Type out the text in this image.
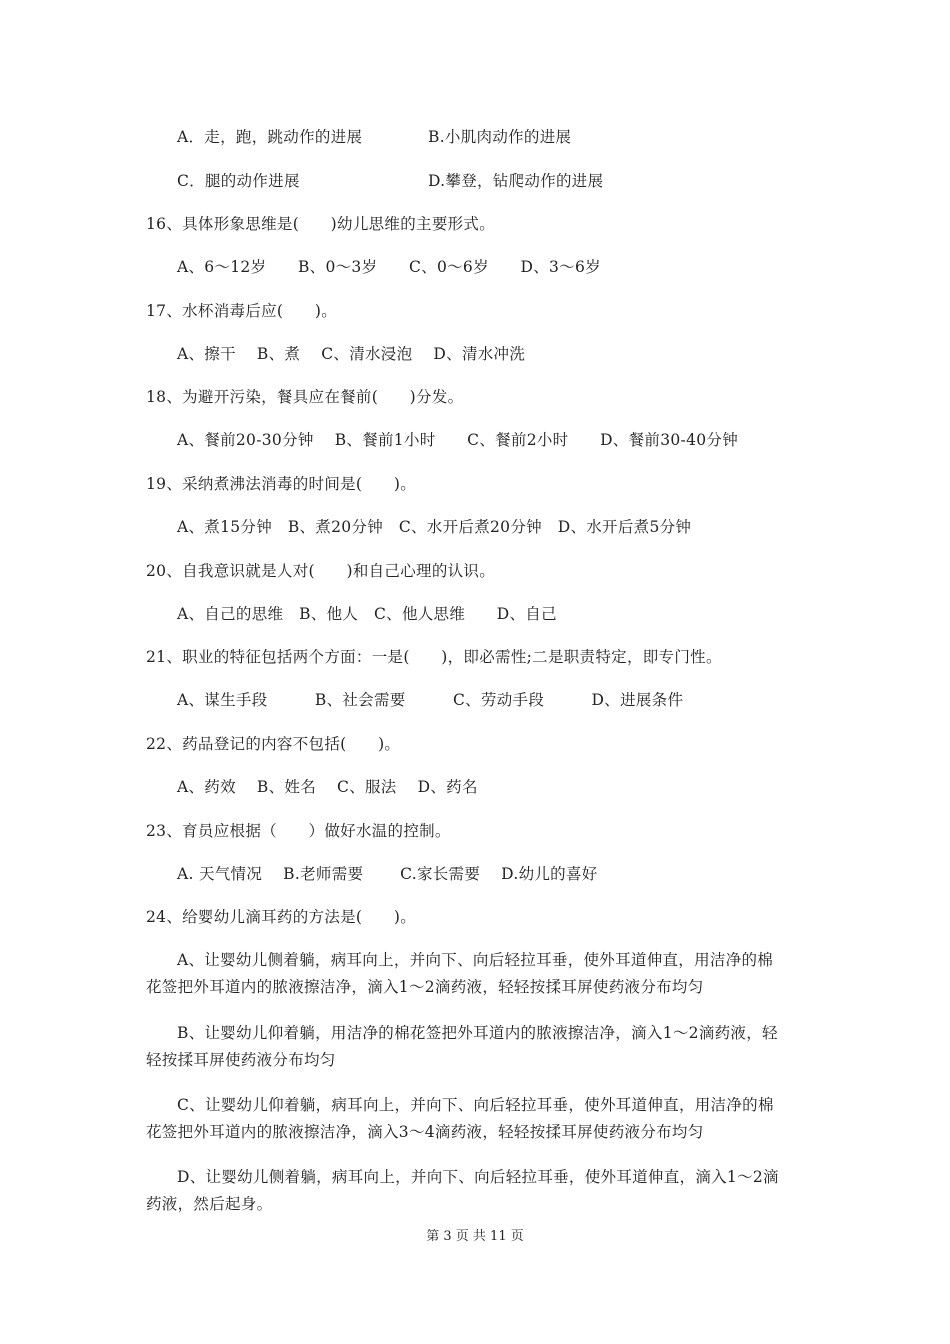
A．走，跑，跳动作的进展	B.小肌肉动作的进展
C．腿的动作进展	D.攀登，钻爬动作的进展
16、具体形象思维是(　　)幼儿思维的主要形式。
A、6～12岁　　B、0～3岁　　C、0～6岁　　D、3～6岁
17、水杯消毒后应(　　)。
A、擦干　 B、煮　 C、清水浸泡　 D、清水冲洗
18、为避开污染，餐具应在餐前(　　)分发。
A、餐前20-30分钟　 B、餐前1小时　　C、餐前2小时　　D、餐前30-40分钟
19、采纳煮沸法消毒的时间是(　　)。
A、煮15分钟　B、煮20分钟　C、水开后煮20分钟　D、水开后煮5分钟
20、自我意识就是人对(　　)和自己心理的认识。
A、自己的思维　B、他人　C、他人思维　　D、自己
21、职业的特征包括两个方面：一是(　　)，即必需性;二是职责特定，即专门性。
A、谋生手段　　　B、社会需要　　　C、劳动手段　　　D、进展条件
22、药品登记的内容不包括(　　)。
A、药效　 B、姓名　 C、服法　 D、药名
23、育员应根据（　　）做好水温的控制。
A. 天气情况　 B.老师需要　　 C.家长需要　 D.幼儿的喜好
24、给婴幼儿滴耳药的方法是(　　)。
A、让婴幼儿侧着躺，病耳向上，并向下、向后轻拉耳垂，使外耳道伸直，用洁净的棉
花签把外耳道内的脓液擦洁净，滴入1～2滴药液，轻轻按揉耳屏使药液分布均匀
B、让婴幼儿仰着躺，用洁净的棉花签把外耳道内的脓液擦洁净，滴入1～2滴药液，轻
轻按揉耳屏使药液分布均匀
C、让婴幼儿仰着躺，病耳向上，并向下、向后轻拉耳垂，使外耳道伸直，用洁净的棉
花签把外耳道内的脓液擦洁净，滴入3～4滴药液，轻轻按揉耳屏使药液分布均匀
D、让婴幼儿侧着躺，病耳向上，并向下、向后轻拉耳垂，使外耳道伸直，滴入1～2滴
药液，然后起身。
第 3 页 共 11 页
